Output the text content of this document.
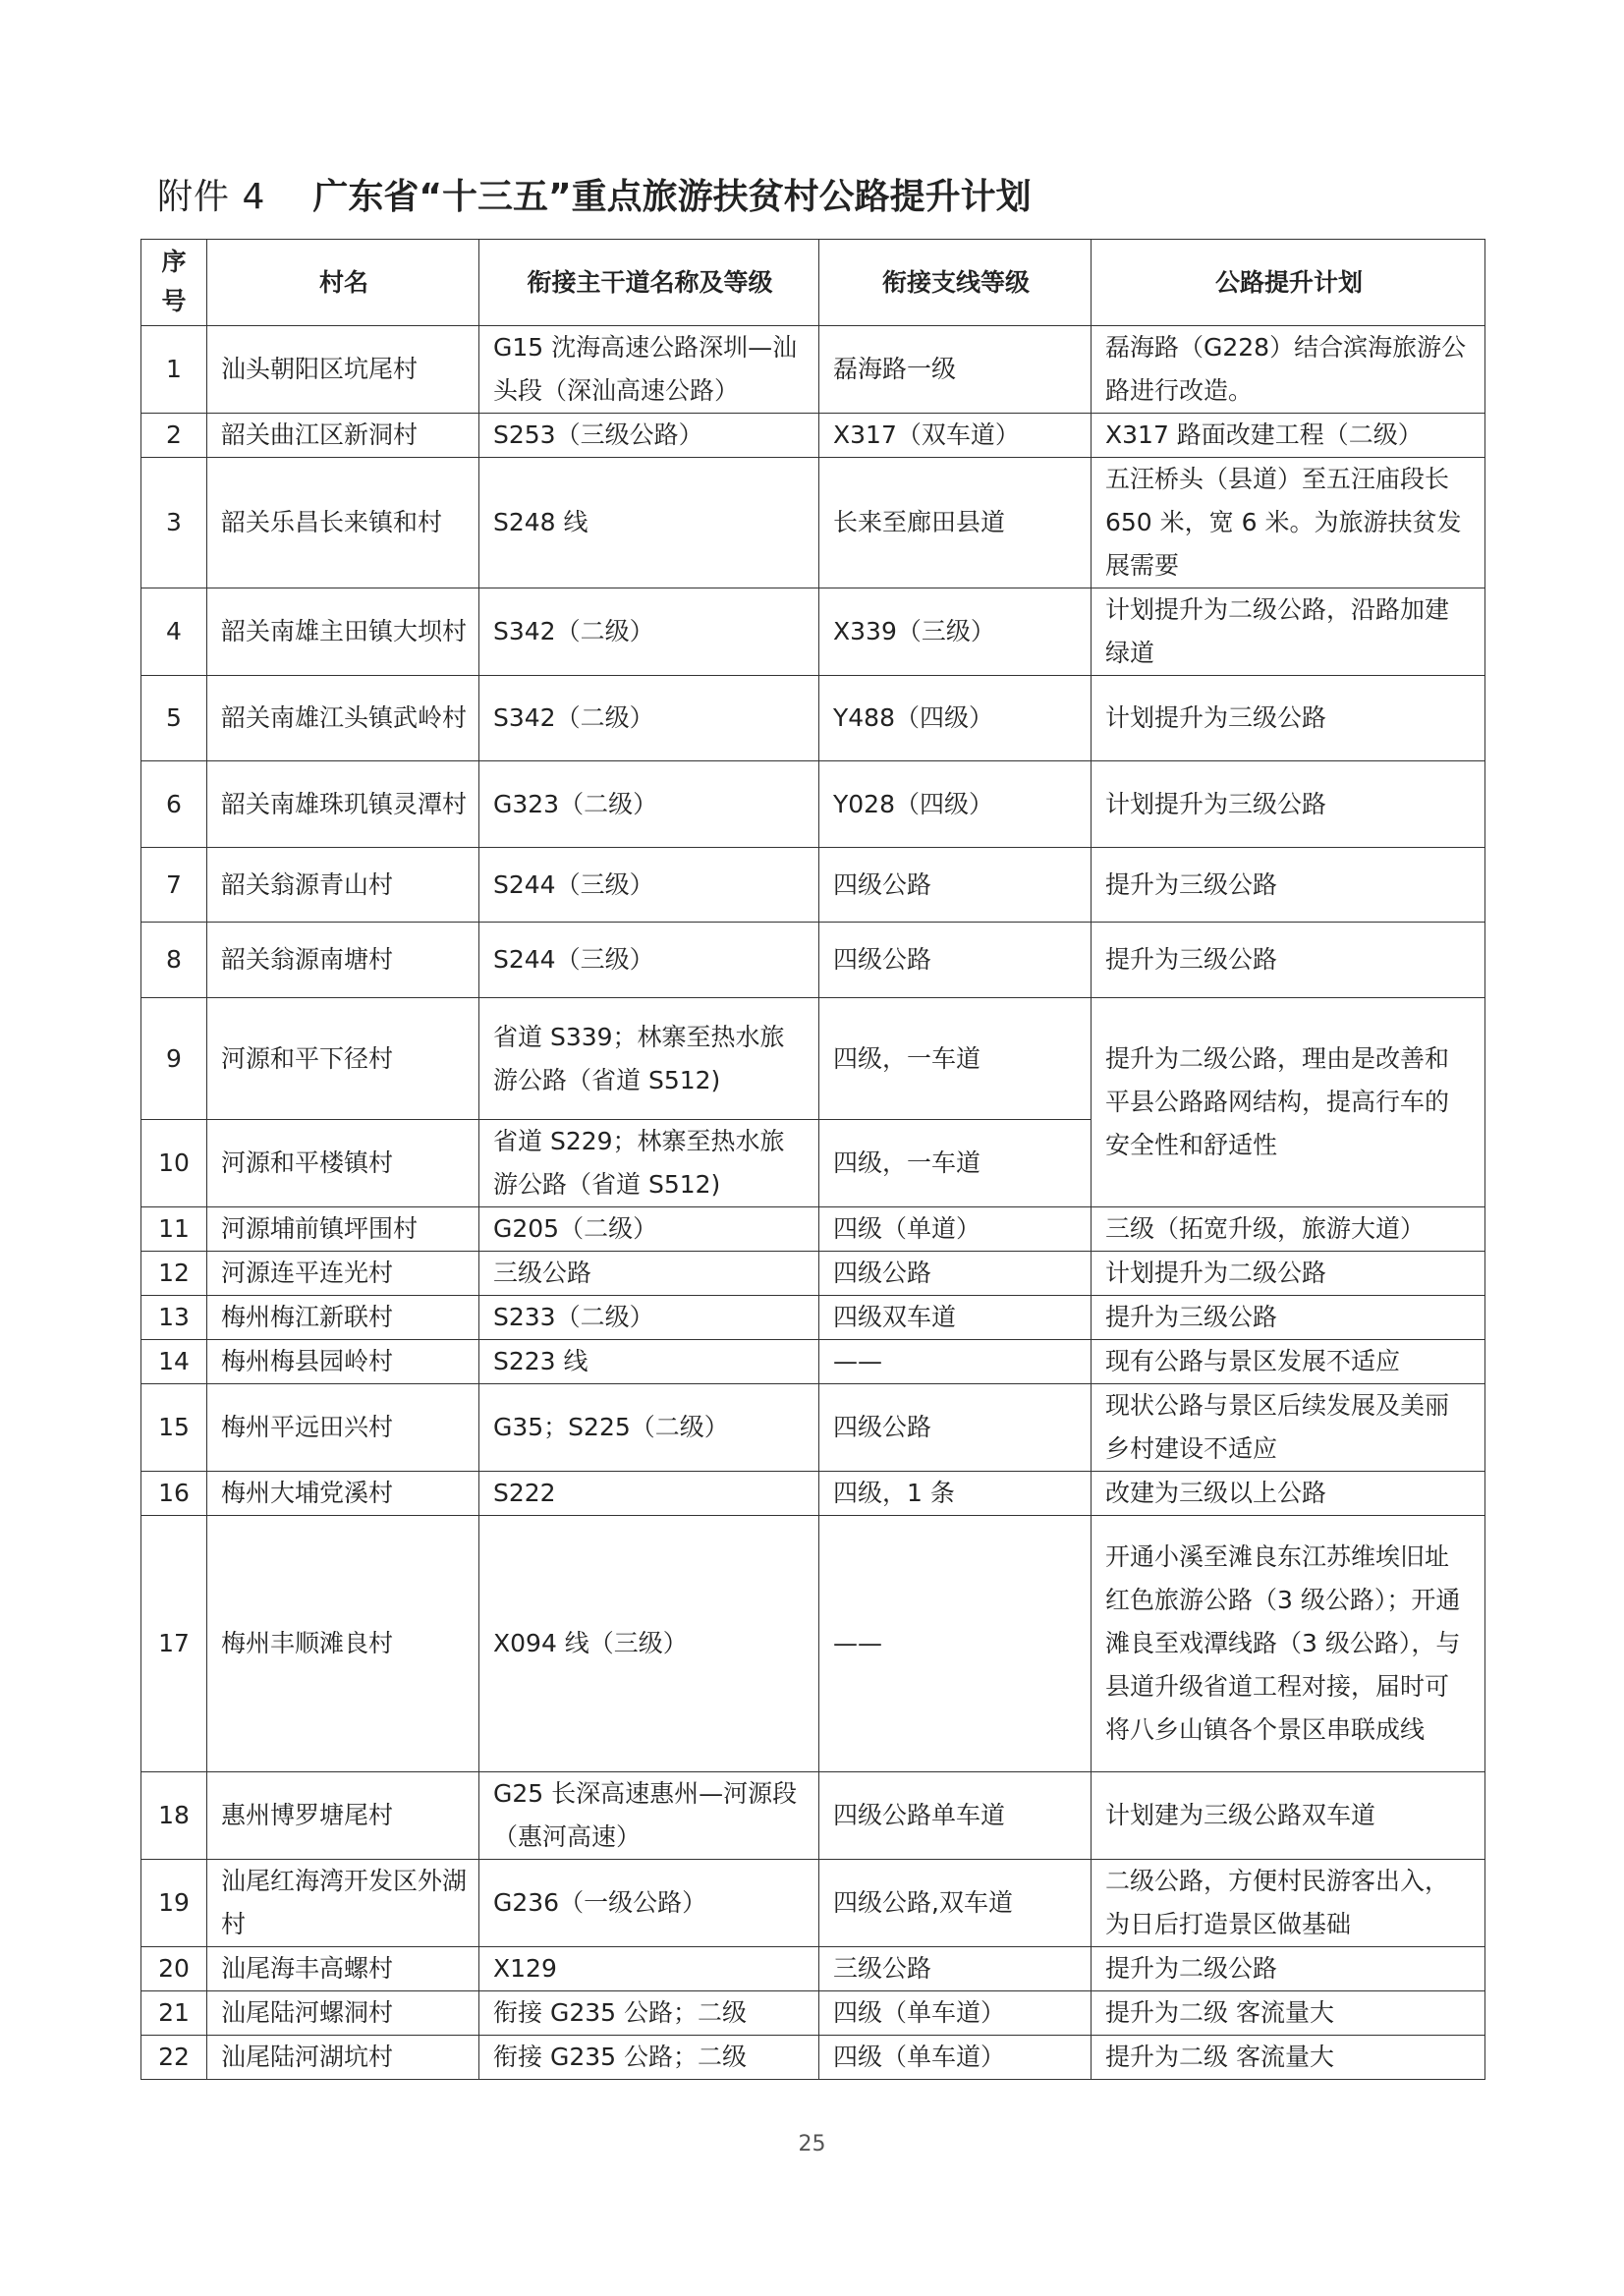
附件 4 广东省“十三五”重点旅游扶贫村公路提升计划
序号	村名	衔接主干道名称及等级	衔接支线等级	公路提升计划
1	汕头朝阳区坑尾村	G15 沈海高速公路深圳—汕头段（深汕高速公路）	磊海路一级	磊海路（G228）结合滨海旅游公路进行改造。
2	韶关曲江区新洞村	S253（三级公路）	X317（双车道）	X317 路面改建工程（二级）
3	韶关乐昌长来镇和村	S248 线	长来至廊田县道	五汪桥头（县道）至五汪庙段长 650 米，宽 6 米。为旅游扶贫发展需要
4	韶关南雄主田镇大坝村	S342（二级）	X339（三级）	计划提升为二级公路，沿路加建绿道
5	韶关南雄江头镇武岭村	S342（二级）	Y488（四级）	计划提升为三级公路
6	韶关南雄珠玑镇灵潭村	G323（二级）	Y028（四级）	计划提升为三级公路
7	韶关翁源青山村	S244（三级）	四级公路	提升为三级公路
8	韶关翁源南塘村	S244（三级）	四级公路	提升为三级公路
9	河源和平下径村	省道 S339；林寨至热水旅游公路（省道 S512)	四级，一车道	提升为二级公路，理由是改善和平县公路路网结构，提高行车的安全性和舒适性
10	河源和平楼镇村	省道 S229；林寨至热水旅游公路（省道 S512)	四级，一车道	
11	河源埔前镇坪围村	G205（二级）	四级（单道）	三级（拓宽升级，旅游大道）
12	河源连平连光村	三级公路	四级公路	计划提升为二级公路
13	梅州梅江新联村	S233（二级）	四级双车道	提升为三级公路
14	梅州梅县园岭村	S223 线	——	现有公路与景区发展不适应
15	梅州平远田兴村	G35；S225（二级）	四级公路	现状公路与景区后续发展及美丽乡村建设不适应
16	梅州大埔党溪村	S222	四级，1 条	改建为三级以上公路
17	梅州丰顺滩良村	X094 线（三级）	——	开通小溪至滩良东江苏维埃旧址红色旅游公路（3 级公路）；开通滩良至戏潭线路（3 级公路），与县道升级省道工程对接，届时可将八乡山镇各个景区串联成线
18	惠州博罗塘尾村	G25 长深高速惠州—河源段（惠河高速）	四级公路单车道	计划建为三级公路双车道
19	汕尾红海湾开发区外湖村	G236（一级公路）	四级公路,双车道	二级公路，方便村民游客出入，为日后打造景区做基础
20	汕尾海丰高螺村	X129	三级公路	提升为二级公路
21	汕尾陆河螺洞村	衔接 G235 公路；二级	四级（单车道）	提升为二级 客流量大
22	汕尾陆河湖坑村	衔接 G235 公路；二级	四级（单车道）	提升为二级 客流量大
25
